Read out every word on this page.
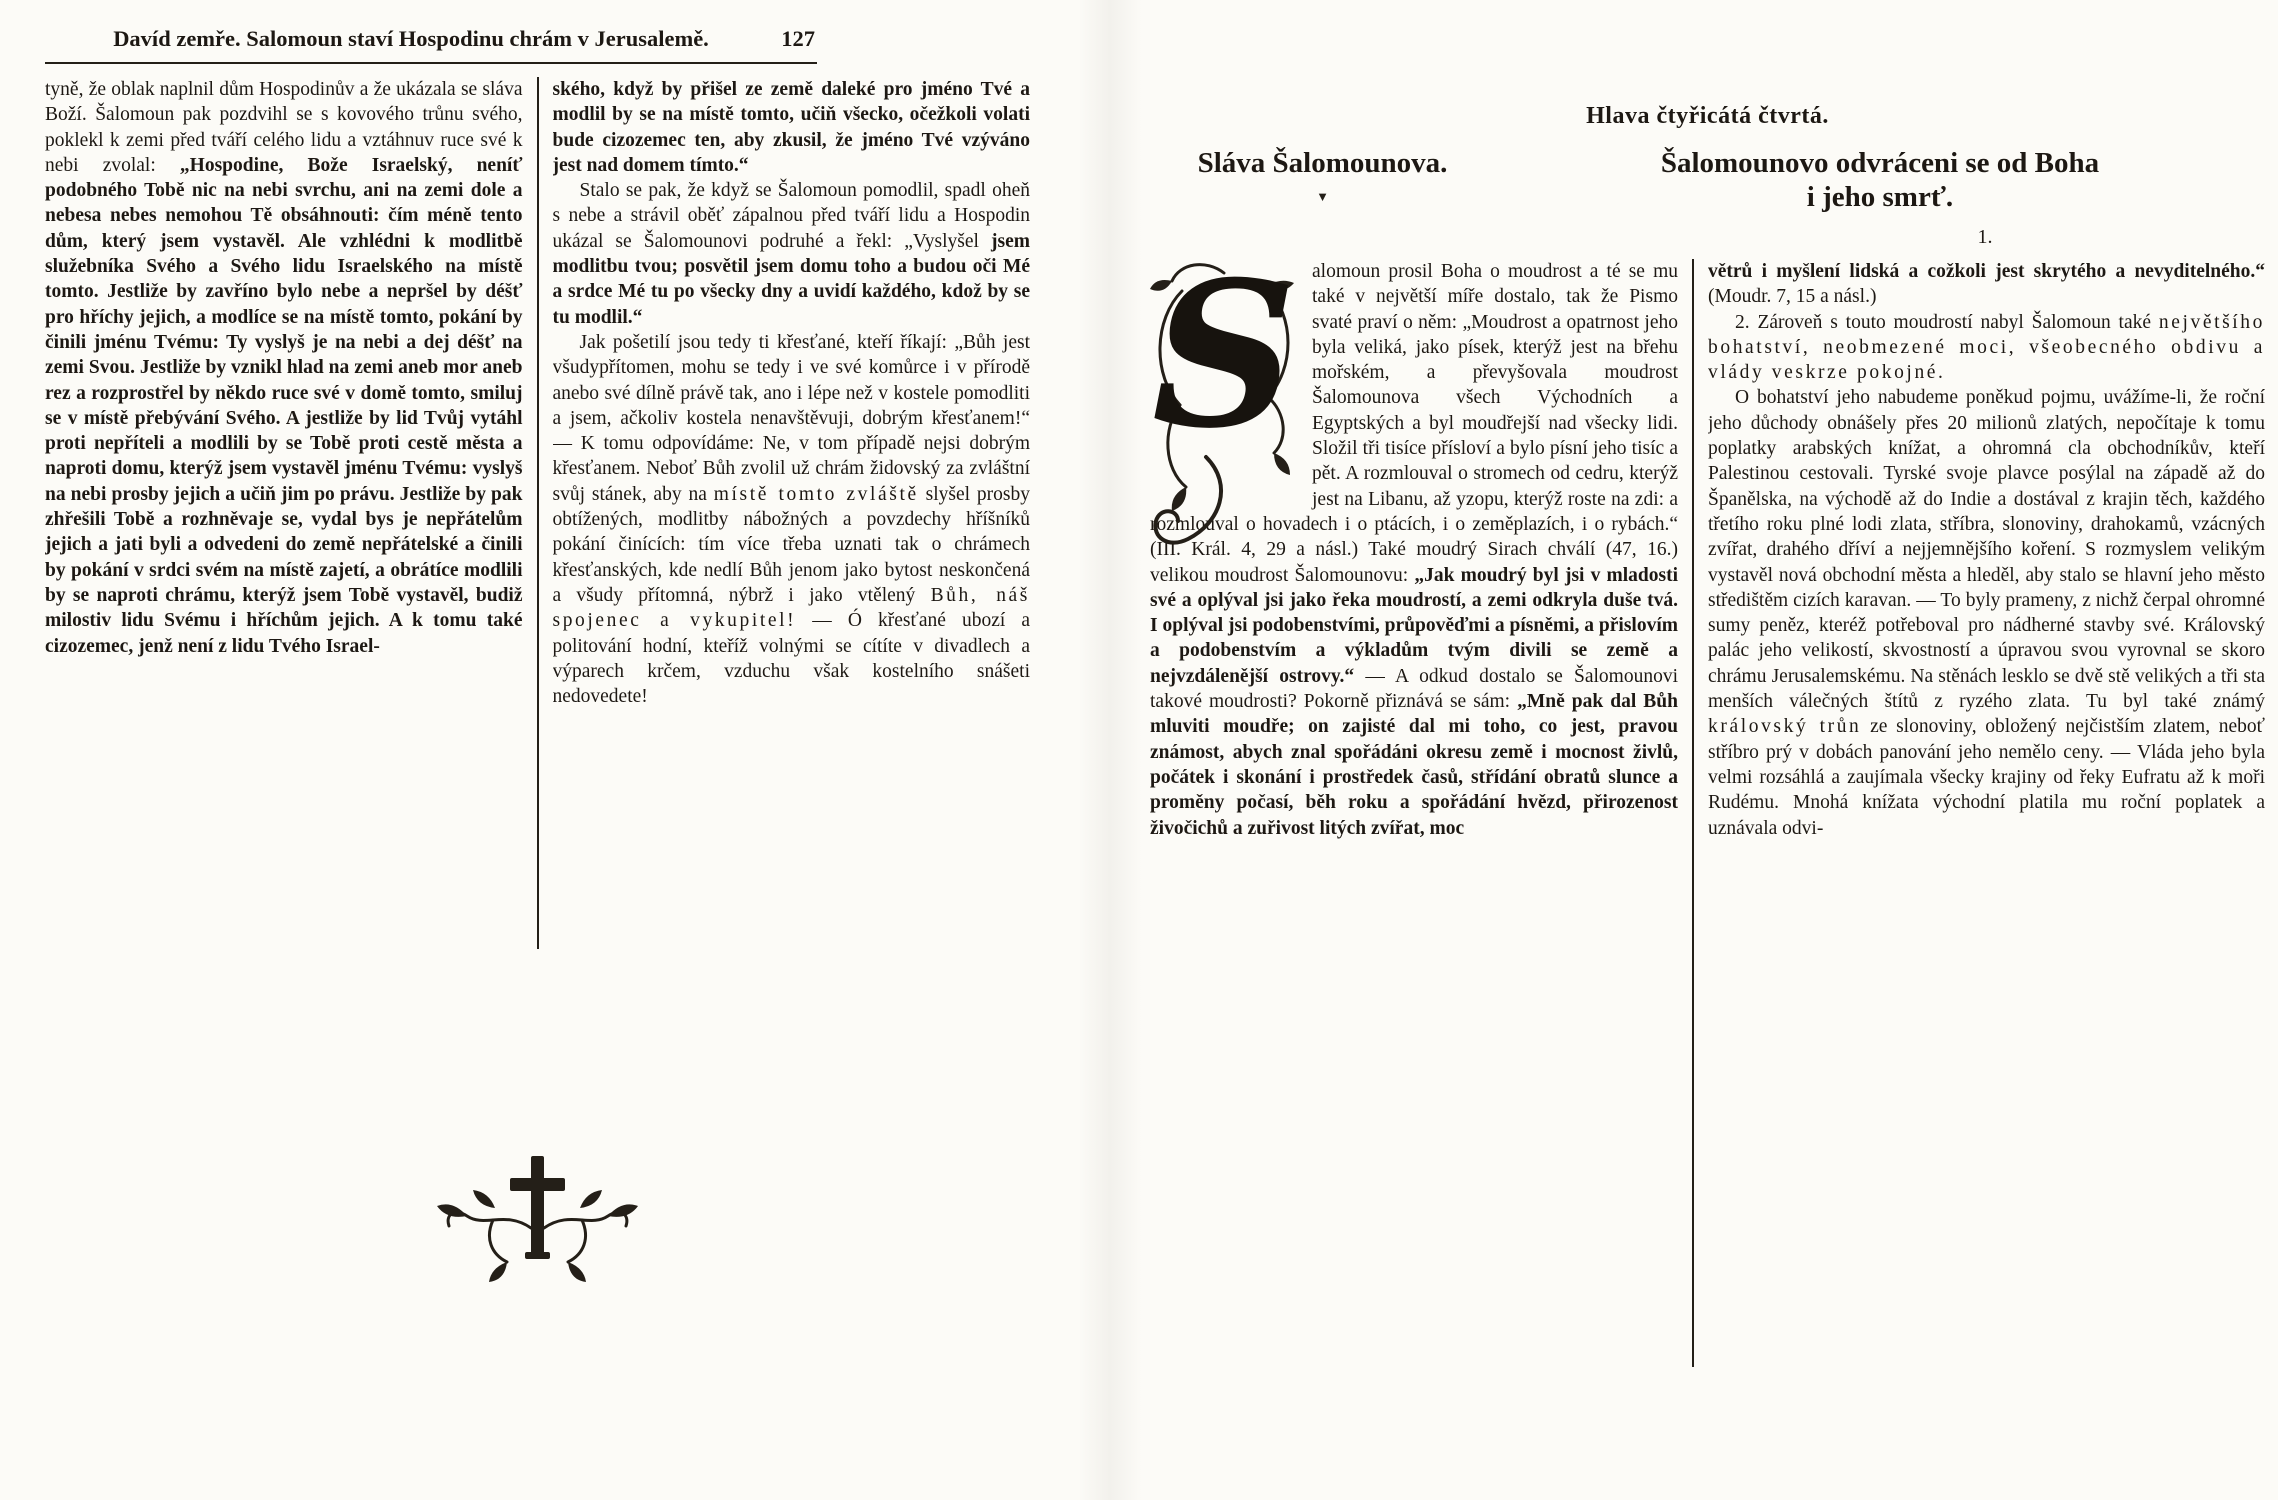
Davíd zemře. Salomoun staví Hospodinu chrám v Jerusalemě.	127

tyně, že oblak naplnil dům Hospodinův a že ukázala se sláva Boží. Šalomoun pak pozdvihl se s kovového trůnu svého, poklekl k zemi před tváří celého lidu a vztáhnuv ruce své k nebi zvolal: „Hospodine, Bože Israelský, neníť podobného Tobě nic na nebi svrchu, ani na zemi dole a nebesa nebes nemohou Tě obsáhnouti: čím méně tento dům, který jsem vystavěl. Ale vzhlédni k modlitbě služebníka Svého a Svého lidu Israelského na místě tomto. Jestliže by zavříno bylo nebe a nepršel by déšť pro hříchy jejich, a modlíce se na místě tomto, pokání by činili jménu Tvému: Ty vyslyš je na nebi a dej déšť na zemi Svou. Jestliže by vznikl hlad na zemi aneb mor aneb rez a rozprostřel by někdo ruce své v domě tomto, smiluj se v místě přebývání Svého. A jestliže by lid Tvůj vytáhl proti nepříteli a modlili by se Tobě proti cestě města a naproti domu, kterýž jsem vystavěl jménu Tvému: vyslyš na nebi prosby jejich a učiň jim po právu. Jestliže by pak zhřešili Tobě a rozhněvaje se, vydal bys je nepřátelům jejich a jati byli a odvedeni do země nepřátelské a činili by pokání v srdci svém na místě zajetí, a obrátíce modlili by se naproti chrámu, kterýž jsem Tobě vystavěl, budiž milostiv lidu Svému i hříchům jejich. A k tomu také cizozemec, jenž není z lidu Tvého Israel-

ského, když by přišel ze země daleké pro jméno Tvé a modlil by se na místě tomto, učiň všecko, očežkoli volati bude cizozemec ten, aby zkusil, že jméno Tvé vzýváno jest nad domem tímto.“

Stalo se pak, že když se Šalomoun pomodlil, spadl oheň s nebe a strávil oběť zápalnou před tváří lidu a Hospodin ukázal se Šalomounovi podruhé a řekl: „Vyslyšel jsem modlitbu tvou; posvětil jsem domu toho a budou oči Mé a srdce Mé tu po všecky dny a uvidí každého, kdož by se tu modlil.“

Jak pošetilí jsou tedy ti křesťané, kteří říkají: „Bůh jest všudypřítomen, mohu se tedy i ve své komůrce i v přírodě anebo své dílně právě tak, ano i lépe než v kostele pomodliti a jsem, ačkoliv kostela nenavštěvuji, dobrým křesťanem!“ — K tomu odpovídáme: Ne, v tom případě nejsi dobrým křesťanem. Neboť Bůh zvolil už chrám židovský za zvláštní svůj stánek, aby na místě tomto zvláště slyšel prosby obtížených, modlitby nábožných a povzdechy hříšníků pokání činících: tím více třeba uznati tak o chrámech křesťanských, kde nedlí Bůh jenom jako bytost neskončená a všudy přítomná, nýbrž i jako vtělený Bůh, náš spojenec a vykupitel! — Ó křesťané ubozí a politování hodní, kteříž volnými se cítíte v divadlech a výparech krčem, vzduchu však kostelního snášeti nedovedete!

Hlava čtyřicátá čtvrtá.
Sláva Šalomounova.
▼
Šalomounovo odvráceni se od Boha
i jeho smrť.
1.
S alomoun prosil Boha o moudrost a té se mu také v největší míře dostalo, tak že Pismo svaté praví o něm: „Moudrost a opatrnost jeho byla veliká, jako písek, kterýž jest na břehu mořském, a převyšovala moudrost Šalomounova všech Východních a Egyptských a byl moudřejší nad všecky lidi. Složil tři tisíce přísloví a bylo písní jeho tisíc a pět. A rozmlouval o stromech od cedru, kterýž jest na Libanu, až yzopu, kterýž roste na zdi: a rozmlouval o hovadech i o ptácích, i o zeměplazích, i o rybách.“ (III. Král. 4, 29 a násl.) Také moudrý Sirach chválí (47, 16.) velikou moudrost Šalomounovu: „Jak moudrý byl jsi v mladosti své a oplýval jsi jako řeka moudrostí, a zemi odkryla duše tvá. I oplýval jsi podobenstvími, průpověďmi a písněmi, a přislovím a podobenstvím a výkladům tvým divili se země a nejvzdálenější ostrovy.“ — A odkud dostalo se Šalomounovi takové moudrosti? Pokorně přiznává se sám: „Mně pak dal Bůh mluviti moudře; on zajisté dal mi toho, co jest, pravou známost, abych znal spořádáni okresu země i mocnost živlů, počátek i skonání i prostředek časů, střídání obratů slunce a proměny počasí, běh roku a spořádání hvězd, přirozenost živočichů a zuřivost litých zvířat, moc

větrů i myšlení lidská a cožkoli jest skrytého a nevyditelného.“ (Moudr. 7, 15 a násl.)

2. Zároveň s touto moudrostí nabyl Šalomoun také největšího bohatství, neobmezené moci, všeobecného obdivu a vlády veskrze pokojné.

O bohatství jeho nabudeme poněkud pojmu, uvážíme-li, že roční jeho důchody obnášely přes 20 milionů zlatých, nepočítaje k tomu poplatky arabských knížat, a ohromná cla obchodníkův, kteří Palestinou cestovali. Tyrské svoje plavce posýlal na západě až do Španělska, na východě až do Indie a dostával z krajin těch, každého třetího roku plné lodi zlata, stříbra, slonoviny, drahokamů, vzácných zvířat, drahého dříví a nejjemnějšího koření. S rozmyslem velikým vystavěl nová obchodní města a hleděl, aby stalo se hlavní jeho město středištěm cizích karavan. — To byly prameny, z nichž čerpal ohromné sumy peněz, kteréž potřeboval pro nádherné stavby své. Královský palác jeho velikostí, skvostností a úpravou svou vyrovnal se skoro chrámu Jerusalemskému. Na stěnách lesklo se dvě stě velikých a tři sta menších válečných štítů z ryzého zlata. Tu byl také známý královský trůn ze slonoviny, obložený nejčistším zlatem, neboť stříbro prý v dobách panování jeho nemělo ceny. — Vláda jeho byla velmi rozsáhlá a zaujímala všecky krajiny od řeky Eufratu až k moři Rudému. Mnohá knížata východní platila mu roční poplatek a uznávala odvi-
